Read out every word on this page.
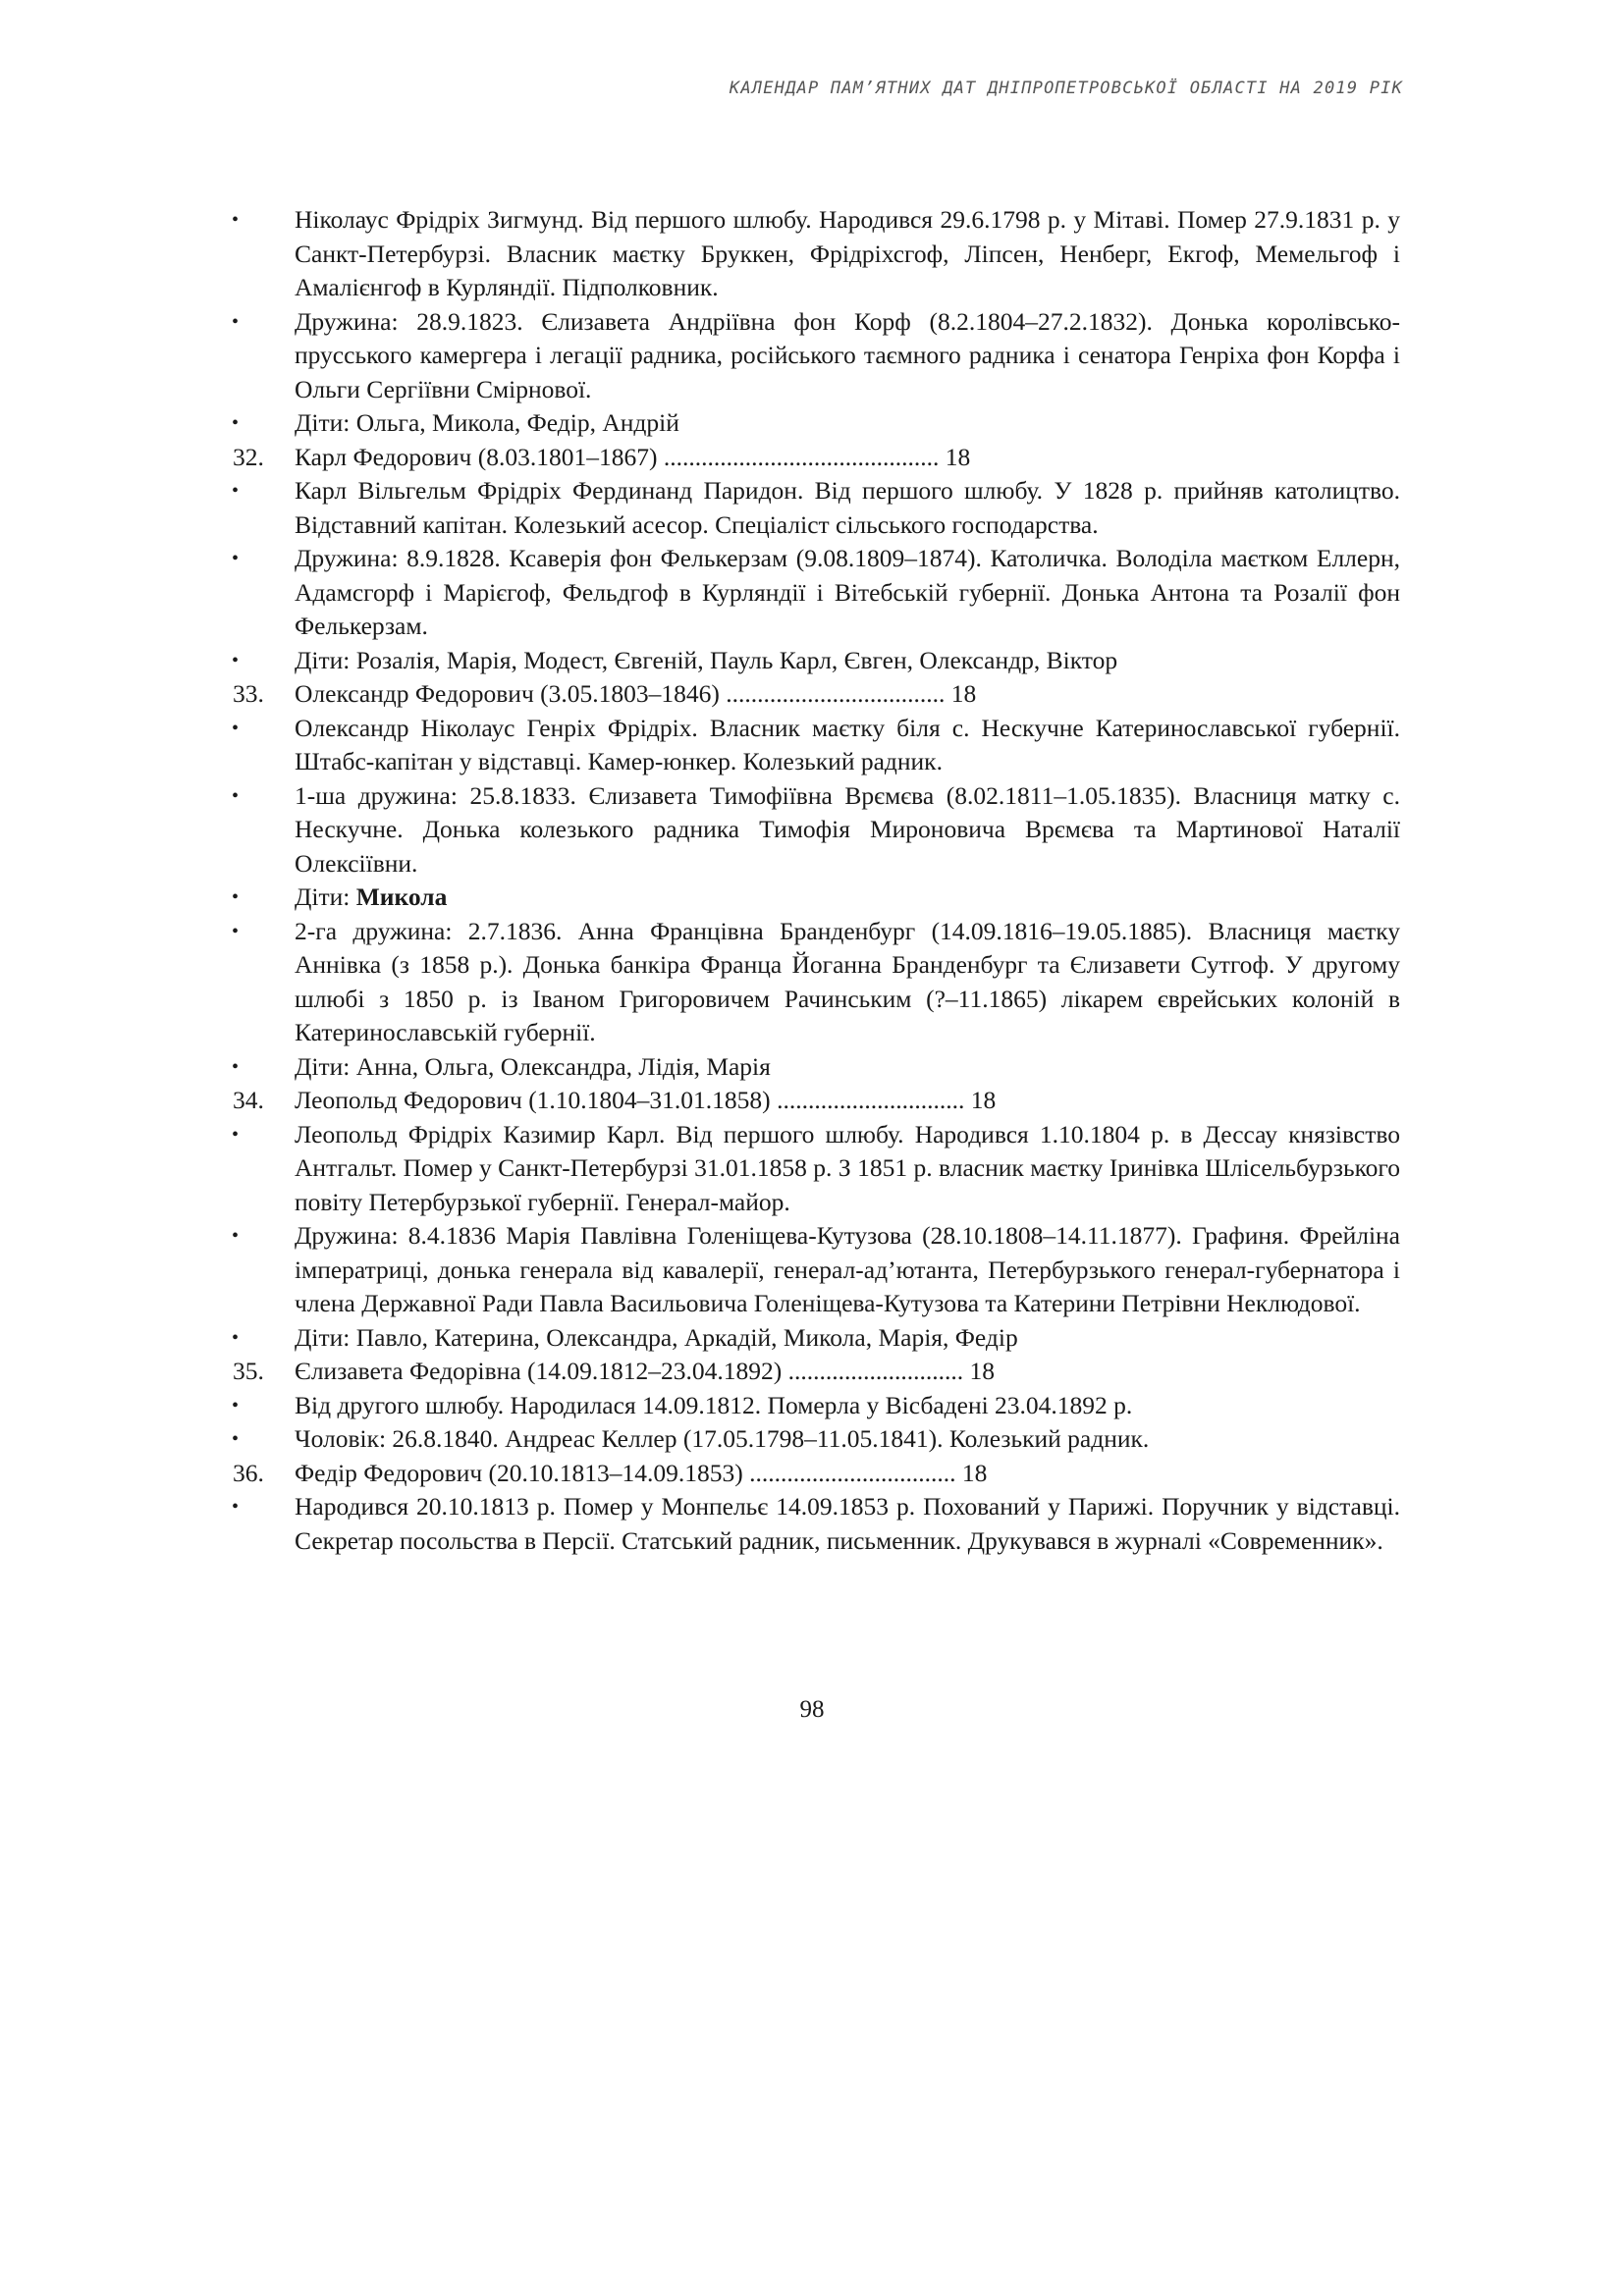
КАЛЕНДАР ПАМ’ЯТНИХ ДАТ ДНІПРОПЕТРОВСЬКОЇ ОБЛАСТІ НА 2019 РІК
•	Ніколаус Фрідріх Зигмунд. Від першого шлюбу. Народився 29.6.1798 р. у Мітаві. Помер 27.9.1831 р. у Санкт-Петербурзі. Власник маєтку Бруккен, Фрідріхсгоф, Ліпсен, Ненберг, Екгоф, Мемельгоф і Амалієнгоф в Курляндії. Підполковник.
•	Дружина: 28.9.1823. Єлизавета Андріївна фон Корф (8.2.1804–27.2.1832). Донька королівсько-прусського камергера і легації радника, російського таємного радника і сенатора Генріха фон Корфа і Ольги Сергіївни Смірнової.
•	Діти: Ольга, Микола, Федір, Андрій
32.	Карл Федорович (8.03.1801–1867) ............................................ 18
•	Карл Вільгельм Фрідріх Фердинанд Паридон. Від першого шлюбу. У 1828 р. прийняв католицтво. Відставний капітан. Колезький асесор. Спеціаліст сільського господарства.
•	Дружина: 8.9.1828. Ксаверія фон Фелькерзам (9.08.1809–1874). Католичка. Володіла маєтком Еллерн, Адамсгорф і Марієгоф, Фельдгоф в Курляндії і Вітебській губернії. Донька Антона та Розалії фон Фелькерзам.
•	Діти: Розалія, Марія, Модест, Євгеній, Пауль Карл, Євген, Олександр, Віктор
33.	Олександр Федорович (3.05.1803–1846) ................................... 18
•	Олександр Ніколаус Генріх Фрідріх. Власник маєтку біля с. Нескучне Катеринославської губернії. Штабс-капітан у відставці. Камер-юнкер. Колезький радник.
•	1-ша дружина: 25.8.1833. Єлизавета Тимофіївна Врємєва (8.02.1811–1.05.1835). Власниця матку с. Нескучне. Донька колезького радника Тимофія Мироновича Врємєва та Мартинової Наталії Олексіївни.
•	Діти: Микола
•	2-га дружина: 2.7.1836. Анна Францівна Бранденбург (14.09.1816–19.05.1885). Власниця маєтку Аннівка (з 1858 р.). Донька банкіра Франца Йоганна Бранденбург та Єлизавети Сутгоф. У другому шлюбі з 1850 р. із Іваном Григоровичем Рачинським (?–11.1865) лікарем єврейських колоній в Катеринославській губернії.
•	Діти: Анна, Ольга, Олександра, Лідія, Марія
34.	Леопольд Федорович (1.10.1804–31.01.1858) .............................. 18
•	Леопольд Фрідріх Казимир Карл. Від першого шлюбу. Народився 1.10.1804 р. в Дессау князівство Антгальт. Помер у Санкт-Петербурзі 31.01.1858 р. З 1851 р. власник маєтку Іринівка Шлісельбурзького повіту Петербурзької губернії. Генерал-майор.
•	Дружина: 8.4.1836 Марія Павлівна Голеніщева-Кутузова (28.10.1808–14.11.1877). Графиня. Фрейліна імператриці, донька генерала від кавалерії, генерал-ад’ютанта, Петербурзького генерал-губернатора і члена Державної Ради Павла Васильовича Голеніщева-Кутузова та Катерини Петрівни Неклюдової.
•	Діти: Павло, Катерина, Олександра, Аркадій, Микола, Марія, Федір
35.	Єлизавета Федорівна (14.09.1812–23.04.1892) ............................ 18
•	Від другого шлюбу. Народилася 14.09.1812. Померла у Вісбадені 23.04.1892 р.
•	Чоловік: 26.8.1840. Андреас Келлер (17.05.1798–11.05.1841). Колезький радник.
36.	Федір Федорович (20.10.1813–14.09.1853) ................................. 18
•	Народився 20.10.1813 р. Помер у Монпельє 14.09.1853 р. Похований у Парижі. Поручник у відставці. Секретар посольства в Персії. Статський радник, письменник. Друкувався в журналі «Современник».
98
